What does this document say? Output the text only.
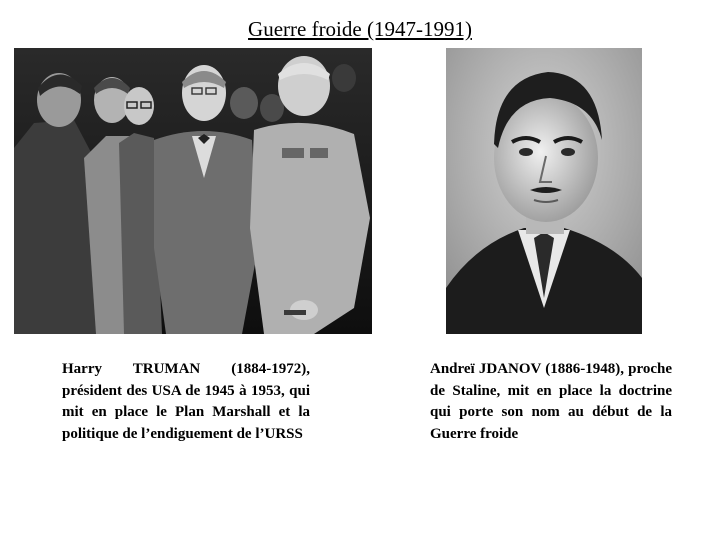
Guerre froide (1947-1991)
Harry TRUMAN (1884-1972), président des USA de 1945 à 1953, qui mit en place le Plan Marshall et la politique de l’endiguement de l’URSS
Andreï JDANOV (1886-1948), proche de Staline, mit en place la doctrine qui porte son nom au début de la Guerre froide
